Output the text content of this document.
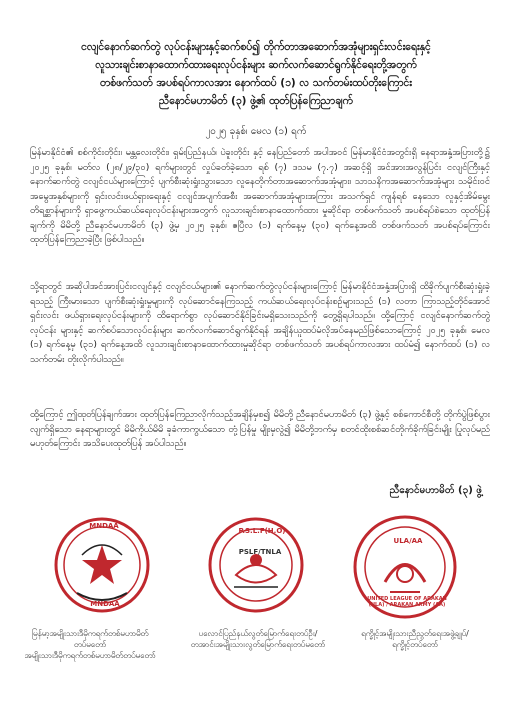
ငလျင်နောက်ဆက်တွဲ လုပ်ငန်းများနှင့်ဆက်စပ်၍ တိုက်တာအဆောက်အအုံများရှင်းလင်းရေးနှင့်
လူသားချင်းစာနာထောက်ထားရေးလုပ်ငန်းများ ဆက်လက်ဆောင်ရွက်နိုင်ရေးတို့အတွက်
တစ်ဖက်သတ် အပစ်ရပ်ကာလအား နောက်ထပ် (၁) လ သက်တမ်းထပ်တိုးကြောင်း
ညီနောင်မဟာမိတ် (၃) ဖွဲ့၏ ထုတ်ပြန်ကြေညာချက်
၂၀၂၅ ခုနှစ်၊ မေလ (၁) ရက်
မြန်မာနိုင်ငံ၏ စစ်ကိုင်းတိုင်း၊ မန္တလေးတိုင်း၊ ရှမ်းပြည်နယ်၊ ပဲခူးတိုင်း နှင့် နေပြည်တော် အပါအဝင် မြန်မာနိုင်ငံအတွင်းရှိ နေရာအနှံ့အပြားတို့၌ ၂၀၂၅ ခုနှစ်၊ မတ်လ (၂၈/၂၉/၃၀) ရက်များတွင် လှုပ်ခတ်ခဲ့သော ရစ် (၇) ဒသမ (၇.၇) အဆင့်ရှိ အင်အားအလွန်ပြင်း ငလျင်ကြီးနှင့် နောက်ဆက်တွဲ ငလျင်ငယ်များကြောင့် ပျက်စီးဆုံးရှုံးသွားသော လူနေတိုက်တာအဆောက်အအုံများ၊ သာသနိကအဆောက်အအုံများ သမိုင်းဝင် အမွေအနှစ်များကို ရှင်းလင်းဖယ်ရှားရေးနှင့် ငလျင်အပျက်အစီး အဆောက်အအုံများအကြား အသက်ရှင် ကျန်ရစ် နေသော လူနှင့်အိမ်မွေးတိရစ္ဆာန်များကို ရှာဖွေကယ်ဆယ်ရေးလုပ်ငန်းများအတွက် လူသားချင်းစာနာထောက်ထား မှုဆိုင်ရာ တစ်ဖက်သတ် အပစ်ရပ်စဲသော ထုတ်ပြန်ချက်ကို မိမိတို့ ညီနောင်မဟာမိတ် (၃) ဖွဲ့မှ ၂၀၂၅ ခုနှစ်၊ ဧပြီလ (၁) ရက်နေ့မှ (၃၀) ရက်နေ့အထိ တစ်ဖက်သတ် အပစ်ရပ်ကြောင်း ထုတ်ပြန်ကြေညာခဲ့ပြီး ဖြစ်ပါသည်။
သို့ရာတွင် အဆိုပါအင်အားပြင်းငလျင်နှင့် ငလျင်ငယ်များ၏ နောက်ဆက်တွဲလုပ်ငန်းများကြောင့် မြန်မာနိုင်ငံအနှံ့အပြားရှိ ထိခိုက်ပျက်စီးဆုံးရှုံးခဲ့ရသည့် ကြီးမားသော ပျက်စီးဆုံးရှုံးမှုများကို လုပ်ဆောင်နေကြသည့် ကယ်ဆယ်ရေးလုပ်ငန်းစဉ်များသည် (၁) လတာ ကြာသည့်တိုင်အောင် ရှင်းလင်း ဖယ်ရှားရေးလုပ်ငန်းများကို ထိရောက်စွာ လုပ်ဆောင်နိုင်ခြင်းမရှိသေးသည်ကို တွေ့ရှိရပါသည်။ ထို့ကြောင့် ငလျင်နောက်ဆက်တွဲ လုပ်ငန်း များနှင့် ဆက်စပ်သောလုပ်ငန်းများ ဆက်လက်ဆောင်ရွက်နိုင်ရန် အချိန်ယူထပ်မံလိုအပ်နေမည်ဖြစ်သောကြောင့် ၂၀၂၅ ခုနှစ်၊ မေလ (၁) ရက်နေ့မှ (၃၁) ရက်နေ့အထိ လူသားချင်းစာနာထောက်ထားမှုဆိုင်ရာ တစ်ဖက်သတ် အပစ်ရပ်ကာလအား ထပ်မံ၍ နောက်ထပ် (၁) လ သက်တမ်း တိုးလိုက်ပါသည်။
ထို့ကြောင့် ဤထုတ်ပြန်ချက်အား ထုတ်ပြန်ကြေညာလိုက်သည့်အချိန်မှစ၍ မိမိတို့ ညီနောင်မဟာမိတ် (၃) ဖွဲ့နှင့် စစ်ကောင်စီတို့ တိုက်ပွဲဖြစ်ပွားလျက်ရှိသော နေရာများတွင် မိမိကိုယ်မိမိ ခုခံကာကွယ်သော တုံ့ပြန်မှု မျိုးမှလွဲ၍ မိမိတို့ဘက်မှ စတင်ထိုးစစ်ဆင်တိုက်ခိုက်ခြင်းမျိုး ပြုလုပ်မည်မဟုတ်ကြောင်း အသိပေးထုတ်ပြန် အပ်ပါသည်။
ညီနောင်မဟာမိတ် (၃) ဖွဲ့
MNDAA
MNDAA
P.S.L.F(H.O)
PSLF/TNLA
ULA/AA
UNITED LEAGUE OF ARAKAN (ULA) / ARAKAN ARMY (AA)
မြန်မာ့အမျိုးသားဒီမိုကရက်တစ်မဟာမိတ်တပ်မတော်
အမျိုးသားဒီမိုကရက်တစ်မဟာမိတ်တပ်မတော်
ပလောင်ပြည်နယ်လွတ်မြောက်ရေးတပ်ဦး/
တအာင်းအမျိုးသားလွတ်မြောက်ရေးတပ်မတော်
ရက္ခိုင့်အမျိုးသားညီညွတ်ရေးအဖွဲ့ချုပ်/
ရက္ခိုင့်တပ်တော်
